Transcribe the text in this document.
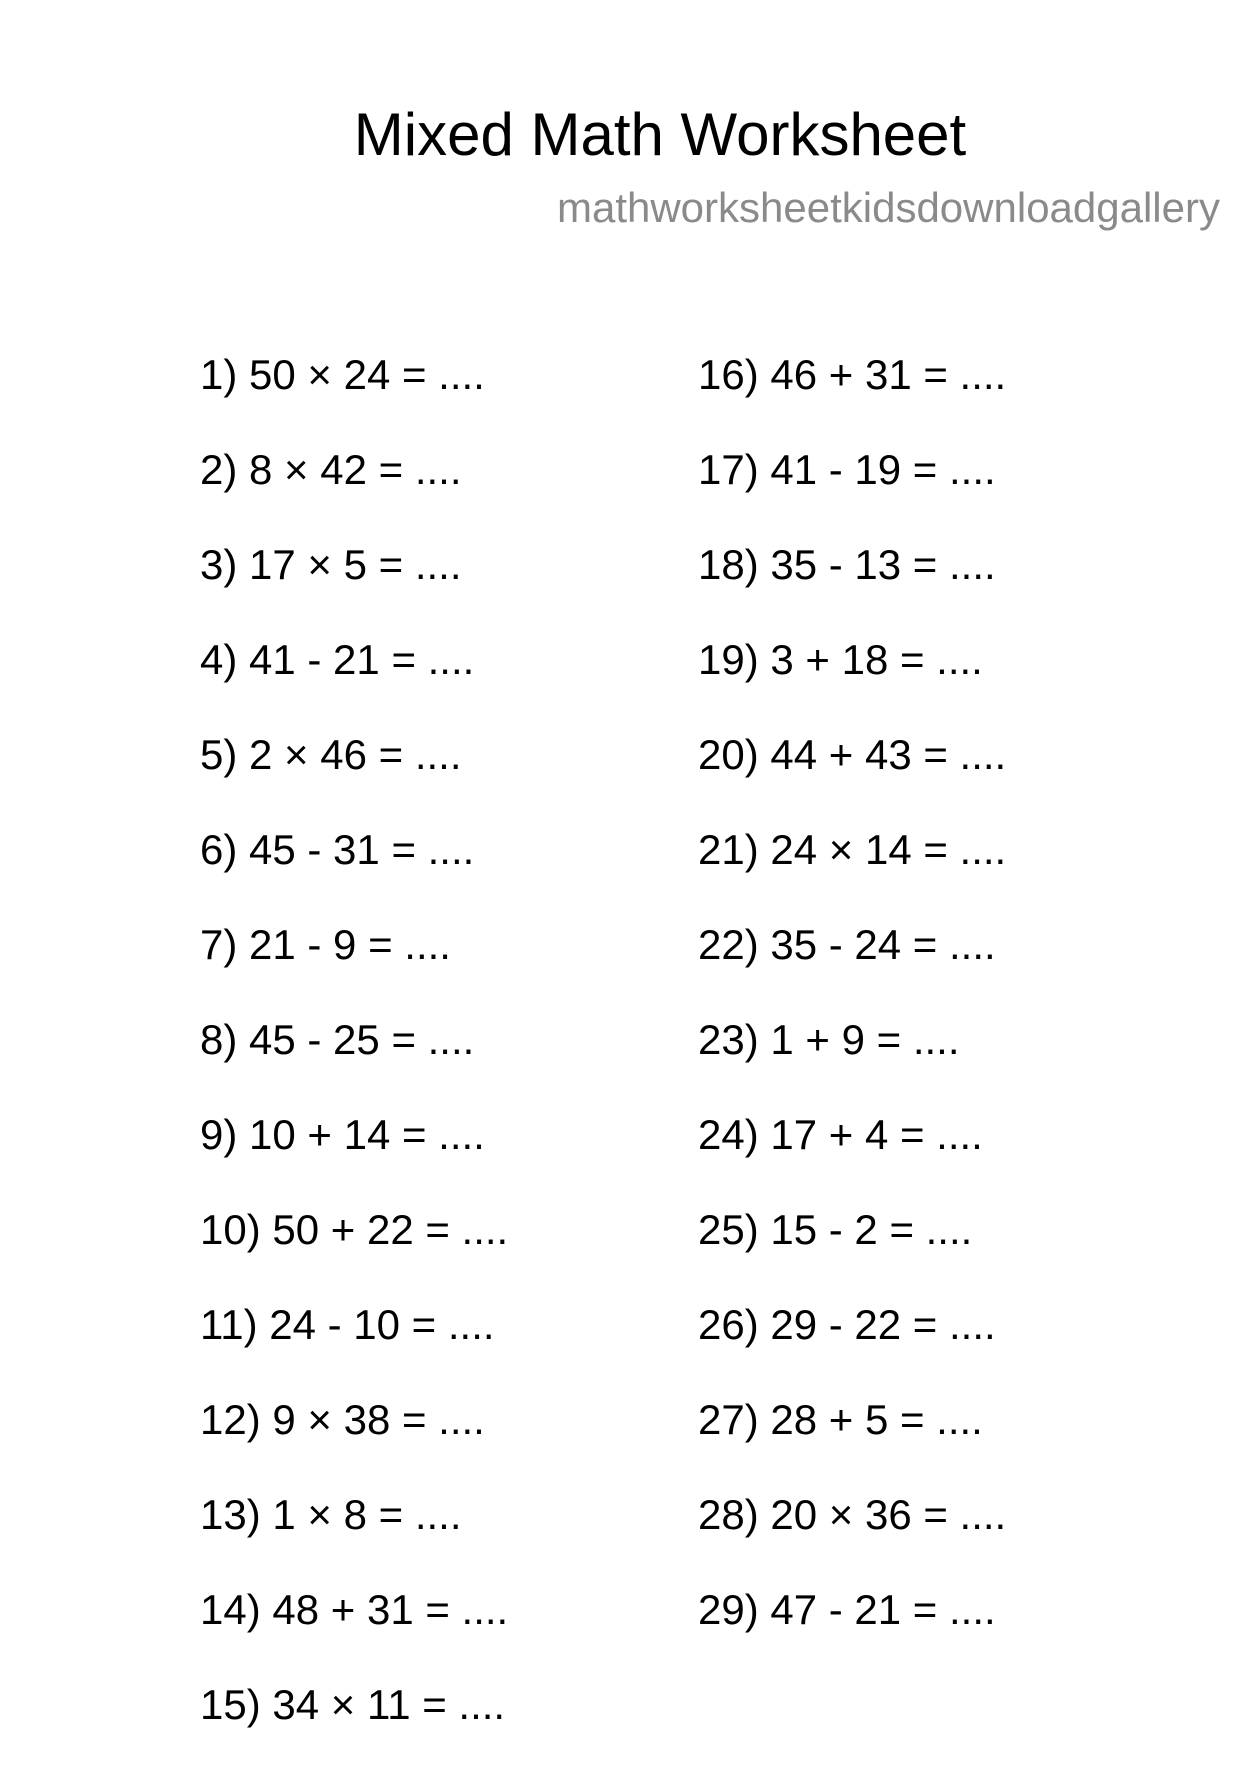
Mixed Math Worksheet
mathworksheetkidsdownloadgallery
1) 50 × 24 = ....
2) 8 × 42 = ....
3) 17 × 5 = ....
4) 41 - 21 = ....
5) 2 × 46 = ....
6) 45 - 31 = ....
7) 21 - 9 = ....
8) 45 - 25 = ....
9) 10 + 14 = ....
10) 50 + 22 = ....
11) 24 - 10 = ....
12) 9 × 38 = ....
13) 1 × 8 = ....
14) 48 + 31 = ....
15) 34 × 11 = ....
16) 46 + 31 = ....
17) 41 - 19 = ....
18) 35 - 13 = ....
19) 3 + 18 = ....
20) 44 + 43 = ....
21) 24 × 14 = ....
22) 35 - 24 = ....
23) 1 + 9 = ....
24) 17 + 4 = ....
25) 15 - 2 = ....
26) 29 - 22 = ....
27) 28 + 5 = ....
28) 20 × 36 = ....
29) 47 - 21 = ....
